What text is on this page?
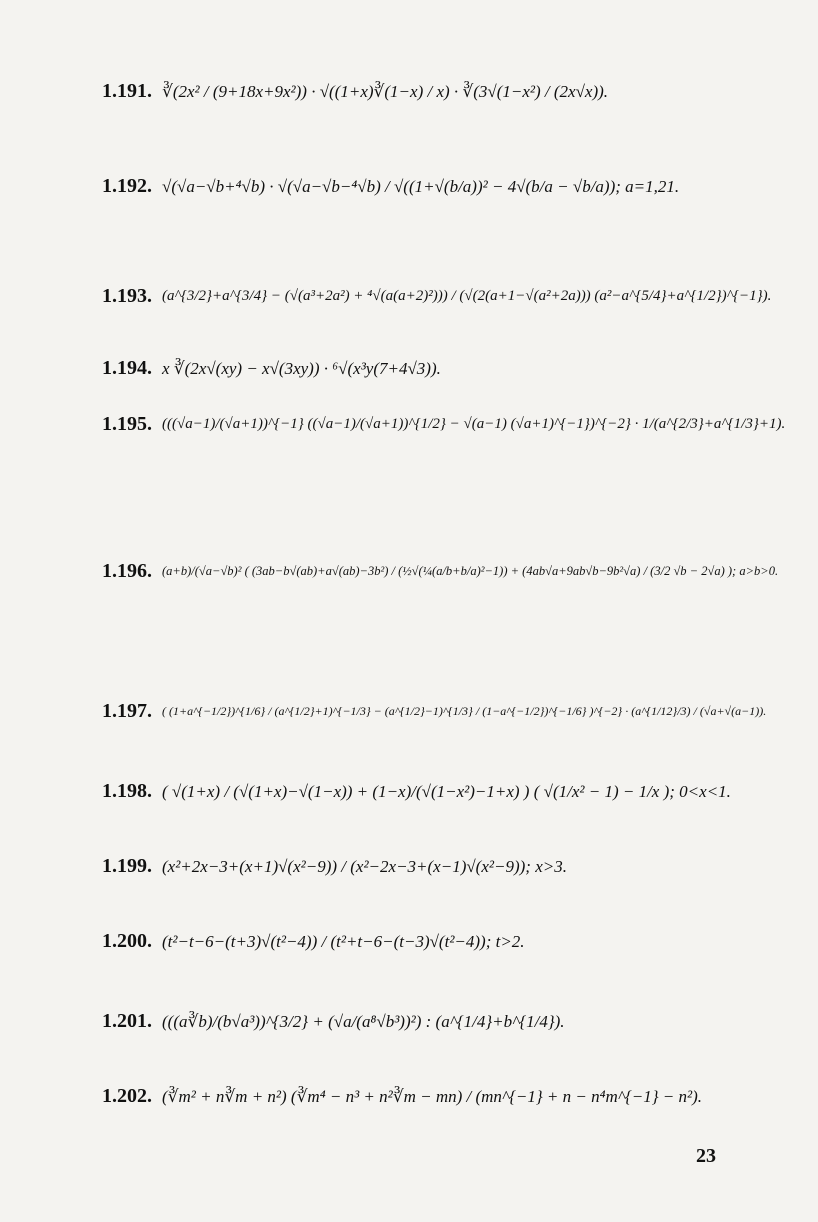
1.191. ∛(2x² / (9+18x+9x²)) · √((1+x)∛(1−x) / x) · ∛(3√(1−x²) / (2x√x)).
1.192. √(√a−√b+⁴√b) · √(√a−√b−⁴√b) / √((1+√(b/a))² − 4√(b/a − √b/a)); a=1,21.
1.193. (a^{3/2}+a^{3/4} − (√(a³+2a²) + ⁴√(a(a+2)²))) / (√(2(a+1−√(a²+2a))) (a²−a^{5/4}+a^{1/2})^{−1}).
1.194. x ∛(2x√(xy) − x√(3xy)) · ⁶√(x³y(7+4√3)).
1.195. (((√a−1)/(√a+1))^{−1} ((√a−1)/(√a+1))^{1/2} − √(a−1) (√a+1)^{−1})^{−2} · 1/(a^{2/3}+a^{1/3}+1).
1.196. (a+b)/(√a−√b)² ( (3ab−b√(ab)+a√(ab)−3b²) / (½√(¼(a/b+b/a)²−1)) + (4ab√a+9ab√b−9b²√a) / (3/2 √b − 2√a) ); a>b>0.
1.197. ( (1+a^{−1/2})^{1/6} / (a^{1/2}+1)^{−1/3} − (a^{1/2}−1)^{1/3} / (1−a^{−1/2})^{−1/6} )^{−2} · (a^{1/12}/3) / (√a+√(a−1)).
1.198. ( √(1+x) / (√(1+x)−√(1−x)) + (1−x)/(√(1−x²)−1+x) ) ( √(1/x² − 1) − 1/x ); 0<x<1.
1.199. (x²+2x−3+(x+1)√(x²−9)) / (x²−2x−3+(x−1)√(x²−9)); x>3.
1.200. (t²−t−6−(t+3)√(t²−4)) / (t²+t−6−(t−3)√(t²−4)); t>2.
1.201. (((a∛b)/(b√a³))^{3/2} + (√a/(a⁸√b³))²) : (a^{1/4}+b^{1/4}).
1.202. (∛m² + n∛m + n²) (∛m⁴ − n³ + n²∛m − mn) / (mn^{−1} + n − n⁴m^{−1} − n²).
23
